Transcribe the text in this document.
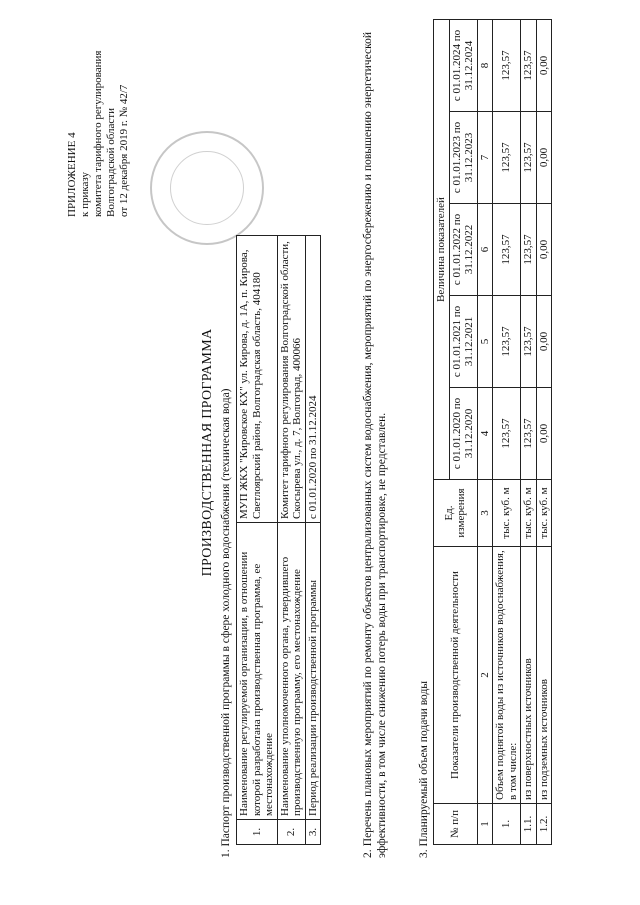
ПРИЛОЖЕНИЕ 4 к приказу комитета тарифного регулирования Волгоградской области от 12 декабря 2019 г. № 42/7
ПРОИЗВОДСТВЕННАЯ ПРОГРАММА 1. Паспорт производственной программы в сфере холодного водоснабжения (техническая вода) 1.	Наименование регулируемой организации, в отношении которой разработана производственная программа, ее местонахождение	МУП ЖКХ "Кировское КХ" ул. Кирова, д. 1А, п. Кирова, Светлоярский район, Волгоградская область, 404180
2.	Наименование уполномоченного органа, утвердившего производственную программу, его местонахождение	Комитет тарифного регулирования Волгоградской области, Скосырева ул., д. 7, Волгоград, 400066
3.	Период реализации производственной программы	с 01.01.2020 по 31.12.2024	2. Перечень плановых мероприятий по ремонту объектов централизованных систем водоснабжения, мероприятий по энергосбережению и повышению энергетической эффективности, в том числе снижению потерь воды при транспортировке, не представлен.	3. Планируемый объем подачи воды № п/п	Показатели производственной деятельности	Ед. измерения	Величина показателей				
			с 01.01.2020 по 31.12.2020	с 01.01.2021 по 31.12.2021	с 01.01.2022 по 31.12.2022	с 01.01.2023 по 31.12.2023	с 01.01.2024 по 31.12.2024
1	2	3	4	5	6	7	8
1.	Объем поднятой воды из источников водоснабжения, в том числе:	тыс. куб. м	123,57	123,57	123,57	123,57	123,57
1.1.	из поверхностных источников	тыс. куб. м	123,57	123,57	123,57	123,57	123,57
1.2.	из подземных источников	тыс. куб. м	0,00	0,00	0,00	0,00	0,00
